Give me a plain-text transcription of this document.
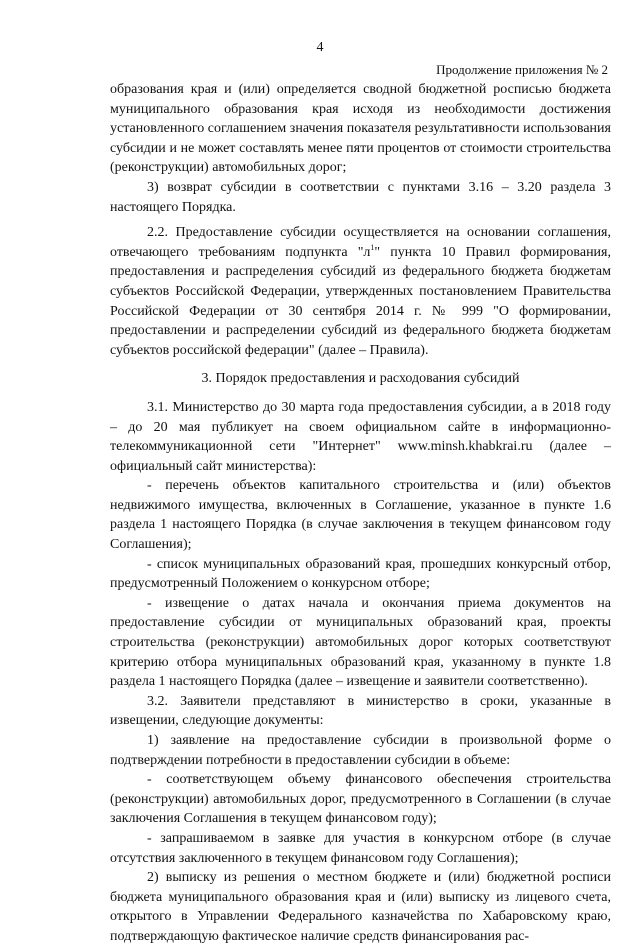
4
Продолжение приложения № 2

образования края и (или) определяется сводной бюджетной росписью бюджета муниципального образования края исходя из необходимости достижения установленного соглашением значения показателя результативности использования субсидии и не может составлять менее пяти процентов от стоимости строительства (реконструкции) автомобильных дорог;

3) возврат субсидии в соответствии с пунктами 3.16 – 3.20 раздела 3 настоящего Порядка.

2.2. Предоставление субсидии осуществляется на основании соглашения, отвечающего требованиям подпункта "$л^1$" пункта 10 Правил формирования, предоставления и распределения субсидий из федерального бюджета бюджетам субъектов Российской Федерации, утвержденных постановлением Правительства Российской Федерации от 30 сентября 2014 г. № 999 "О формировании, предоставлении и распределении субсидий из федерального бюджета бюджетам субъектов российской федерации" (далее – Правила).

3. Порядок предоставления и расходования субсидий

3.1. Министерство до 30 марта года предоставления субсидии, а в 2018 году – до 20 мая публикует на своем официальном сайте в информационно-телекоммуникационной сети "Интернет" www.minsh.khabkrai.ru (далее – официальный сайт министерства):

- перечень объектов капитального строительства и (или) объектов недвижимого имущества, включенных в Соглашение, указанное в пункте 1.6 раздела 1 настоящего Порядка (в случае заключения в текущем финансовом году Соглашения);

- список муниципальных образований края, прошедших конкурсный отбор, предусмотренный Положением о конкурсном отборе;

- извещение о датах начала и окончания приема документов на предоставление субсидии от муниципальных образований края, проекты строительства (реконструкции) автомобильных дорог которых соответствуют критерию отбора муниципальных образований края, указанному в пункте 1.8 раздела 1 настоящего Порядка (далее – извещение и заявители соответственно).

3.2. Заявители представляют в министерство в сроки, указанные в извещении, следующие документы:

1) заявление на предоставление субсидии в произвольной форме о подтверждении потребности в предоставлении субсидии в объеме:

- соответствующем объему финансового обеспечения строительства (реконструкции) автомобильных дорог, предусмотренного в Соглашении (в случае заключения Соглашения в текущем финансовом году);

- запрашиваемом в заявке для участия в конкурсном отборе (в случае отсутствия заключенного в текущем финансовом году Соглашения);

2) выписку из решения о местном бюджете и (или) бюджетной росписи бюджета муниципального образования края и (или) выписку из лицевого счета, открытого в Управлении Федерального казначейства по Хабаровскому краю, подтверждающую фактическое наличие средств финансирования рас-
